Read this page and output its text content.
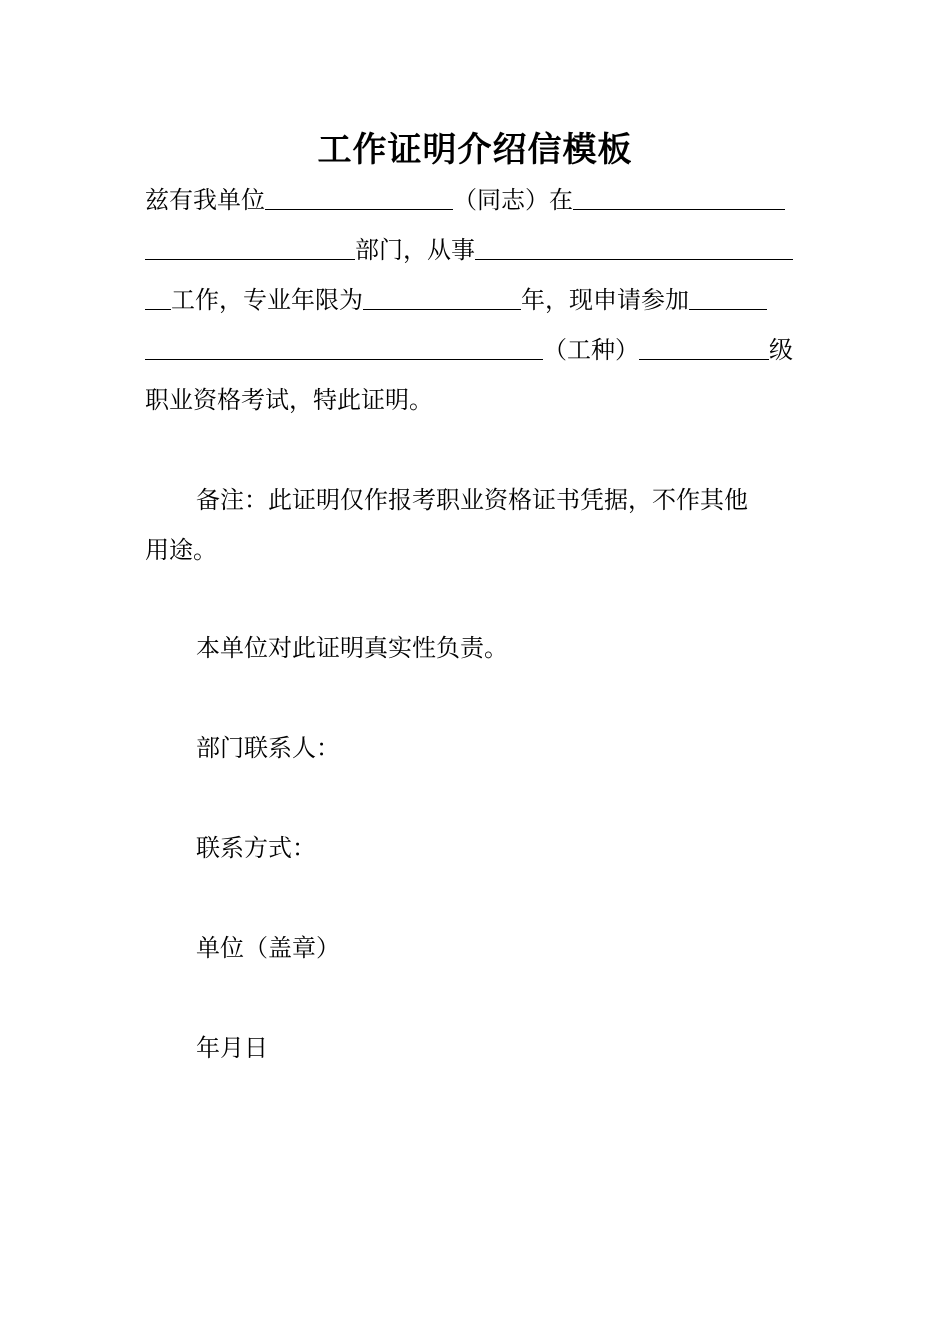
工作证明介绍信模板
兹有我单位	（同志）在
部门，从事
工作，专业年限为	年，现申请参加
（工种）	级
职业资格考试，特此证明。
备注：此证明仅作报考职业资格证书凭据，不作其他
用途。
本单位对此证明真实性负责。
部门联系人：
联系方式：
单位（盖章）
年月日
